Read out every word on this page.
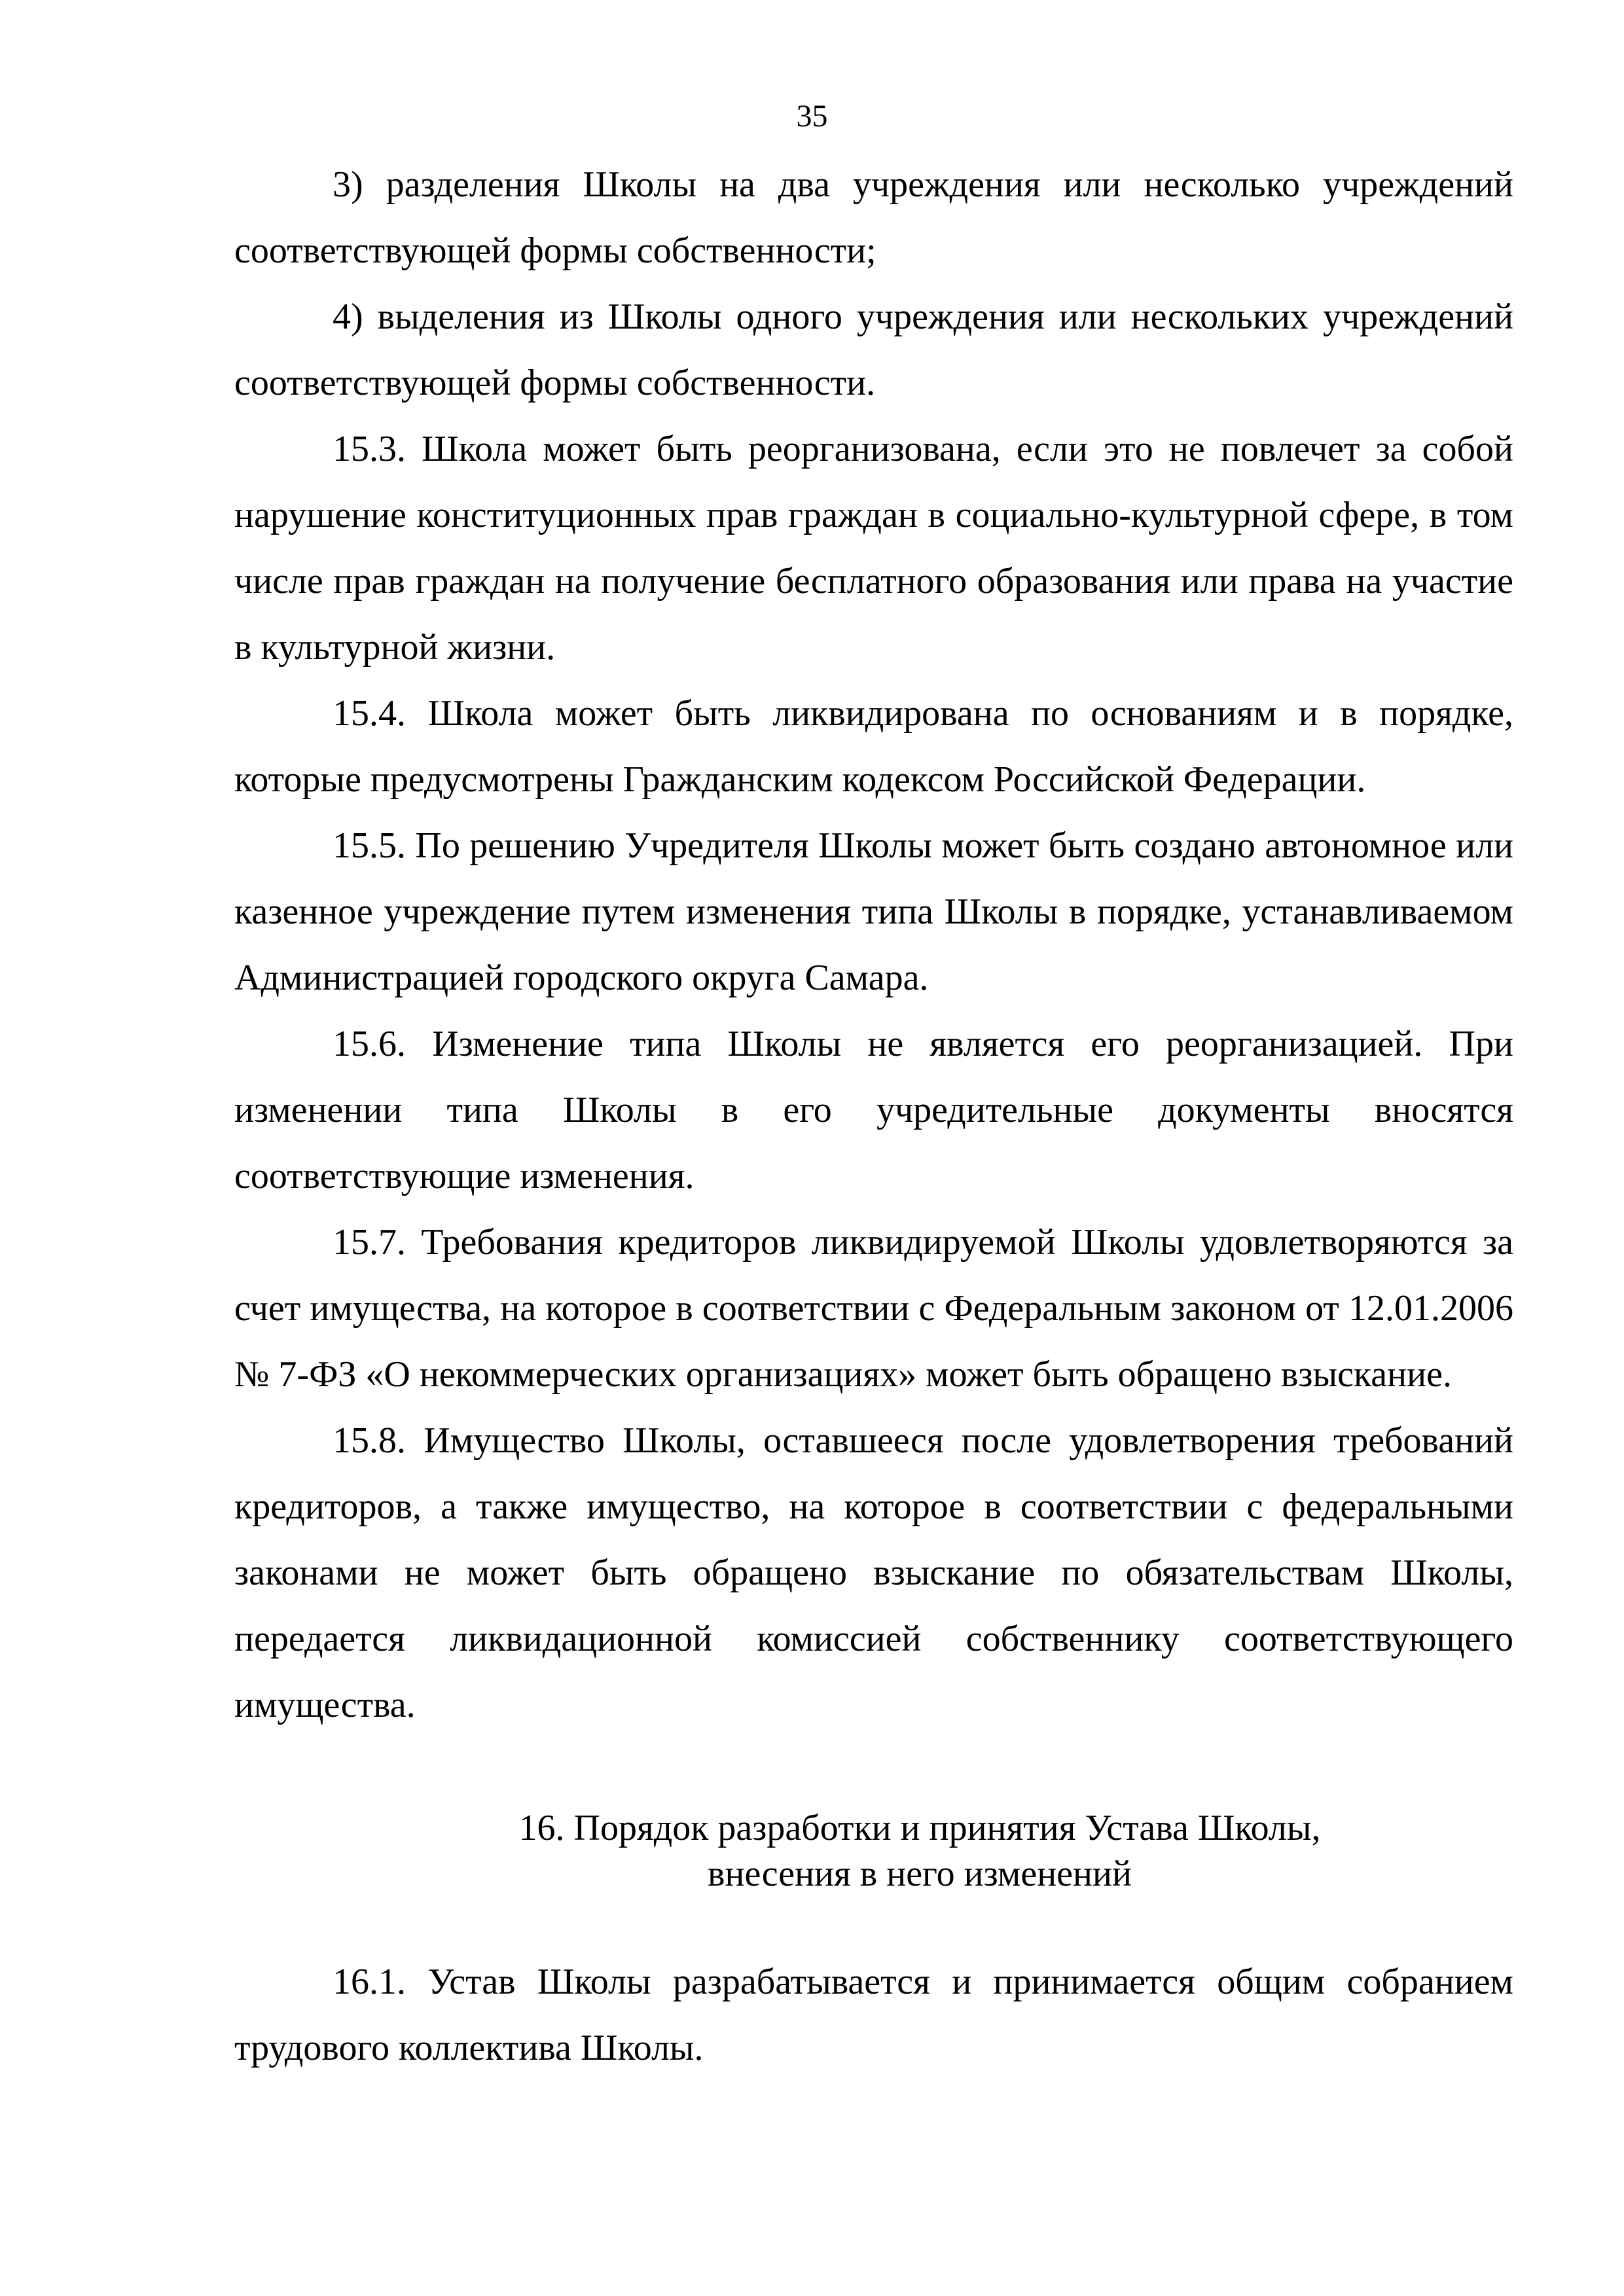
35

3) разделения Школы на два учреждения или несколько учреждений соответствующей формы собственности;

4) выделения из Школы одного учреждения или нескольких учреждений соответствующей формы собственности.

15.3. Школа может быть реорганизована, если это не повлечет за собой нарушение конституционных прав граждан в социально-культурной сфере, в том числе прав граждан на получение бесплатного образования или права на участие в культурной жизни.

15.4. Школа может быть ликвидирована по основаниям и в порядке, которые предусмотрены Гражданским кодексом Российской Федерации.

15.5. По решению Учредителя Школы может быть создано автономное или казенное учреждение путем изменения типа Школы в порядке, устанавливаемом Администрацией городского округа Самара.

15.6. Изменение типа Школы не является его реорганизацией. При изменении типа Школы в его учредительные документы вносятся соответствующие изменения.

15.7. Требования кредиторов ликвидируемой Школы удовлетворяются за счет имущества, на которое в соответствии с Федеральным законом от 12.01.2006 № 7-ФЗ «О некоммерческих организациях» может быть обращено взыскание.

15.8. Имущество Школы, оставшееся после удовлетворения требований кредиторов, а также имущество, на которое в соответствии с федеральными законами не может быть обращено взыскание по обязательствам Школы, передается ликвидационной комиссией собственнику соответствующего имущества.

16. Порядок разработки и принятия Устава Школы,
внесения в него изменений

16.1. Устав Школы разрабатывается и принимается общим собранием трудового коллектива Школы.
